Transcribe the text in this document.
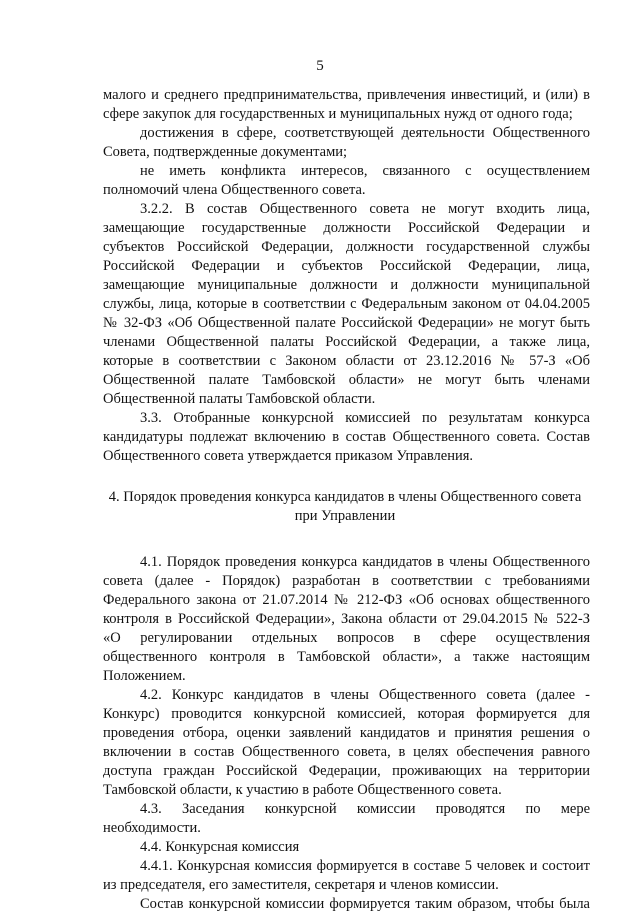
5
малого и среднего предпринимательства, привлечения инвестиций, и (или) в
сфере закупок для государственных и муниципальных нужд от одного года;
достижения в сфере, соответствующей деятельности Общественного
Совета, подтвержденные документами;
не иметь конфликта интересов, связанного с осуществлением
полномочий члена Общественного совета.
3.2.2. В состав Общественного совета не могут входить лица,
замещающие государственные должности Российской Федерации и
субъектов Российской Федерации, должности государственной службы
Российской Федерации и субъектов Российской Федерации, лица,
замещающие муниципальные должности и должности муниципальной
службы, лица, которые в соответствии с Федеральным законом от 04.04.2005
№ 32-ФЗ «Об Общественной палате Российской Федерации» не могут быть
членами Общественной палаты Российской Федерации, а также лица,
которые в соответствии с Законом области от 23.12.2016 № 57-З «Об
Общественной палате Тамбовской области» не могут быть членами
Общественной палаты Тамбовской области.
3.3. Отобранные конкурсной комиссией по результатам конкурса
кандидатуры подлежат включению в состав Общественного совета. Состав
Общественного совета утверждается приказом Управления.
4. Порядок проведения конкурса кандидатов в члены Общественного совета
при Управлении
4.1. Порядок проведения конкурса кандидатов в члены Общественного
совета (далее - Порядок) разработан в соответствии с требованиями
Федерального закона от 21.07.2014 № 212-ФЗ «Об основах общественного
контроля в Российской Федерации», Закона области от 29.04.2015 № 522-З
«О регулировании отдельных вопросов в сфере осуществления
общественного контроля в Тамбовской области», а также настоящим
Положением.
4.2. Конкурс кандидатов в члены Общественного совета (далее -
Конкурс) проводится конкурсной комиссией, которая формируется для
проведения отбора, оценки заявлений кандидатов и принятия решения о
включении в состав Общественного совета, в целях обеспечения равного
доступа граждан Российской Федерации, проживающих на территории
Тамбовской области, к участию в работе Общественного совета.
4.3. Заседания конкурсной комиссии проводятся по мере
необходимости.
4.4. Конкурсная комиссия
4.4.1. Конкурсная комиссия формируется в составе 5 человек и состоит
из председателя, его заместителя, секретаря и членов комиссии.
Состав конкурсной комиссии формируется таким образом, чтобы была
